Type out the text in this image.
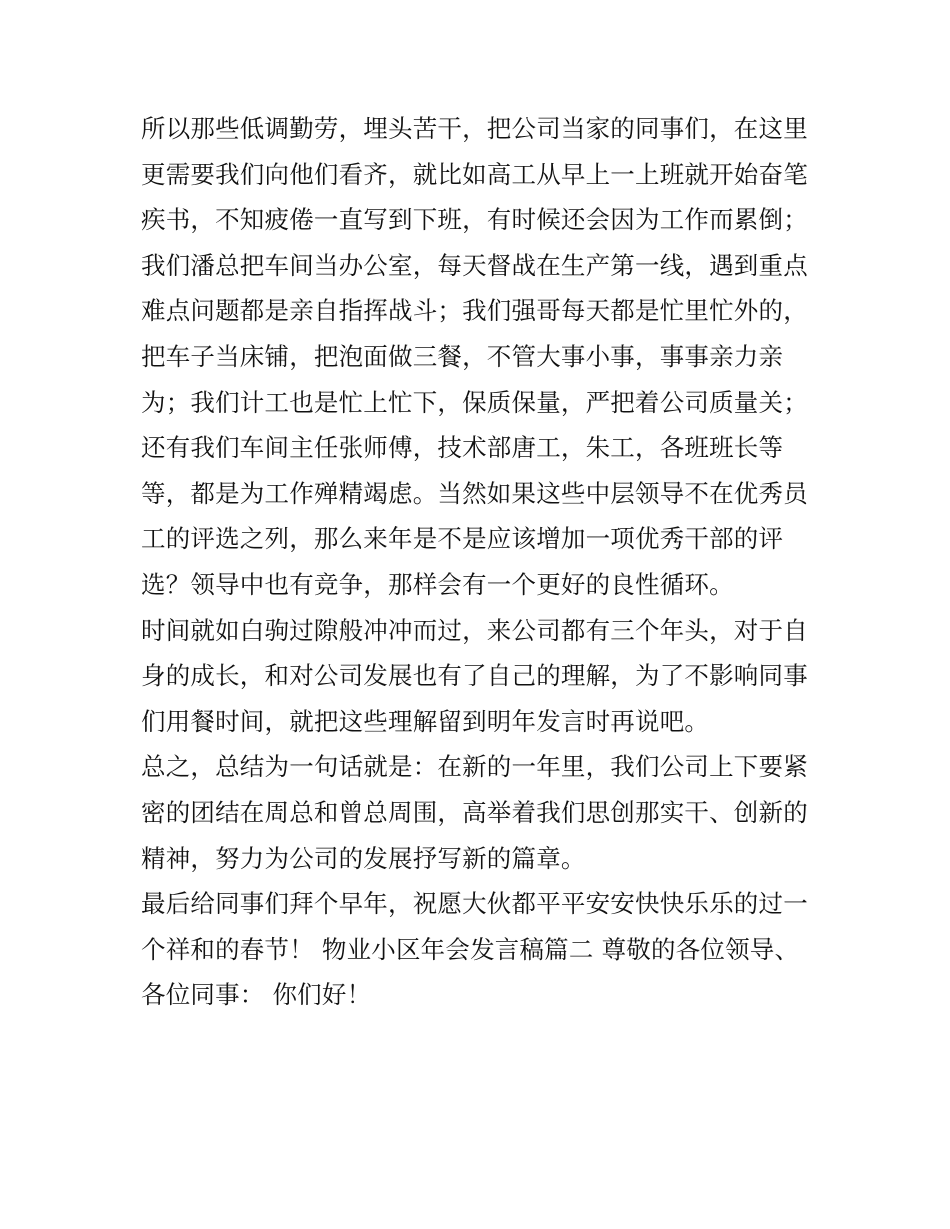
所以那些低调勤劳，埋头苦干，把公司当家的同事们，在这里
更需要我们向他们看齐，就比如高工从早上一上班就开始奋笔
疾书，不知疲倦一直写到下班，有时候还会因为工作而累倒；
我们潘总把车间当办公室，每天督战在生产第一线，遇到重点
难点问题都是亲自指挥战斗；我们强哥每天都是忙里忙外的，
把车子当床铺，把泡面做三餐，不管大事小事，事事亲力亲
为；我们计工也是忙上忙下，保质保量，严把着公司质量关；
还有我们车间主任张师傅，技术部唐工，朱工，各班班长等
等，都是为工作殚精竭虑。当然如果这些中层领导不在优秀员
工的评选之列，那么来年是不是应该增加一项优秀干部的评
选？领导中也有竞争，那样会有一个更好的良性循环。
时间就如白驹过隙般冲冲而过，来公司都有三个年头，对于自
身的成长，和对公司发展也有了自己的理解，为了不影响同事
们用餐时间，就把这些理解留到明年发言时再说吧。
总之，总结为一句话就是：在新的一年里，我们公司上下要紧
密的团结在周总和曾总周围，高举着我们思创那实干、创新的
精神，努力为公司的发展抒写新的篇章。
最后给同事们拜个早年，祝愿大伙都平平安安快快乐乐的过一
个祥和的春节！ 物业小区年会发言稿篇二 尊敬的各位领导、
各位同事： 你们好！
